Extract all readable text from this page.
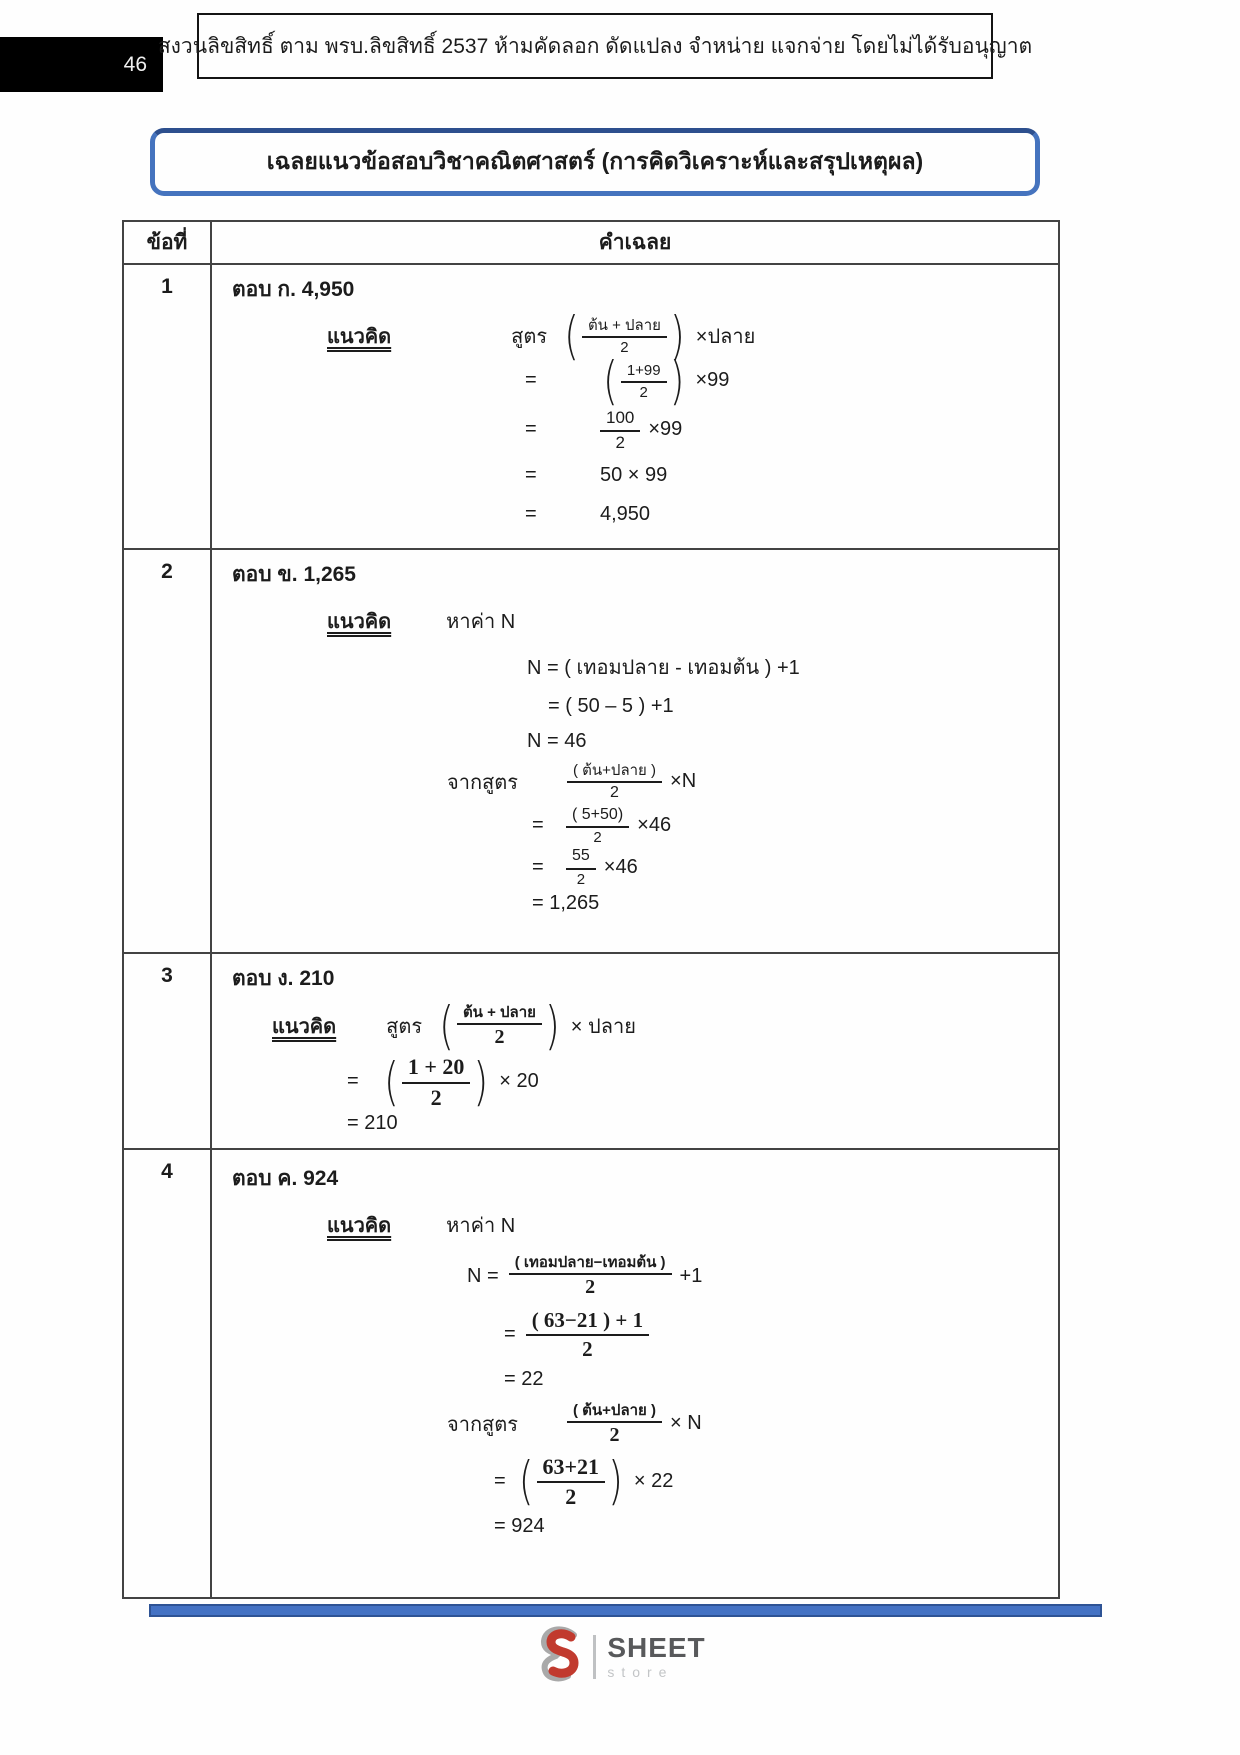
46
สงวนลิขสิทธิ์ ตาม พรบ.ลิขสิทธิ์ 2537 ห้ามคัดลอก ดัดแปลง จำหน่าย แจกจ่าย โดยไม่ได้รับอนุญาต
เฉลยแนวข้อสอบวิชาคณิตศาสตร์ (การคิดวิเคราะห์และสรุปเหตุผล)
ข้อที่	คำเฉลย
1	ตอบ ก. 4,950
แนวคิด	สูตร ( $\frac{\text{ต้น + ปลาย}}{2}$ ) ×ปลาย
=	( $\frac{1+99}{2}$ ) ×99
=	$\frac{100}{2} \times 99$
=	50 × 99
=	4,950

2	ตอบ ข. 1,265
แนวคิด	หาค่า N
N = ( เทอมปลาย - เทอมต้น ) +1
= ( 50 – 5 ) +1
N = 46
จากสูตร	$\frac{\text{( ต้น+ปลาย )}}{2} \times N$
=	$\frac{( 5+50)}{2} \times 46$
=	$\frac{55}{2} \times 46$
= 1,265

3	ตอบ ง. 210
แนวคิด	สูตร ( $\frac{\text{ต้น + ปลาย}}{2}$ ) × ปลาย
= ( $\frac{1 + 20}{2}$ ) × 20
= 210

4	ตอบ ค. 924
แนวคิด	หาค่า N
$N = \frac{\text{( เทอมปลาย−เทอมต้น )}}{2} +1$
= $\frac{( 63-21 ) + 1}{2}$
= 22
จากสูตร	$\frac{\text{( ต้น+ปลาย )}}{2} \times N$
= ( $\frac{63+21}{2}$ ) × 22
= 924
SHEET
store
